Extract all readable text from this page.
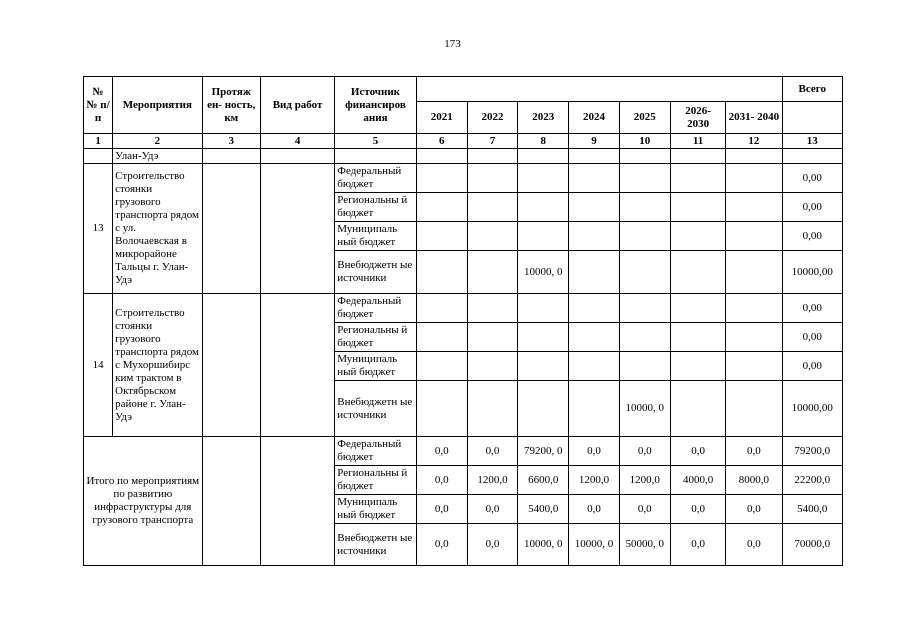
173
№ № п/п	Мероприятия	Протяж ен- ность, км	Вид работ	Источник финансиров ания								Всего
					2021	2022	2023	2024	2025	2026- 2030	2031- 2040	
1	2	3	4	5	6	7	8	9	10	11	12	13
	Улан-Удэ											
13	Строительство стоянки грузового транспорта рядом с ул. Волочаевская в микрорайоне Тальцы г. Улан-Удэ			Федеральный бюджет								0,00
				Региональны й бюджет								0,00
				Муниципаль ный бюджет								0,00
				Внебюджетн ые источники			10000, 0					10000,00
14	Строительство стоянки грузового транспорта рядом с Мухоршибирс ким трактом в Октябрьском районе г. Улан-Удэ			Федеральный бюджет								0,00
				Региональны й бюджет								0,00
				Муниципаль ный бюджет								0,00
				Внебюджетн ые источники					10000, 0			10000,00
Итого по мероприятиям по развитию инфраструктуры для грузового транспорта				Федеральный бюджет	0,0	0,0	79200, 0	0,0	0,0	0,0	0,0	79200,0
				Региональны й бюджет	0,0	1200,0	6600,0	1200,0	1200,0	4000,0	8000,0	22200,0
				Муниципаль ный бюджет	0,0	0,0	5400,0	0,0	0,0	0,0	0,0	5400,0
				Внебюджетн ые источники	0,0	0,0	10000, 0	10000, 0	50000, 0	0,0	0,0	70000,0
